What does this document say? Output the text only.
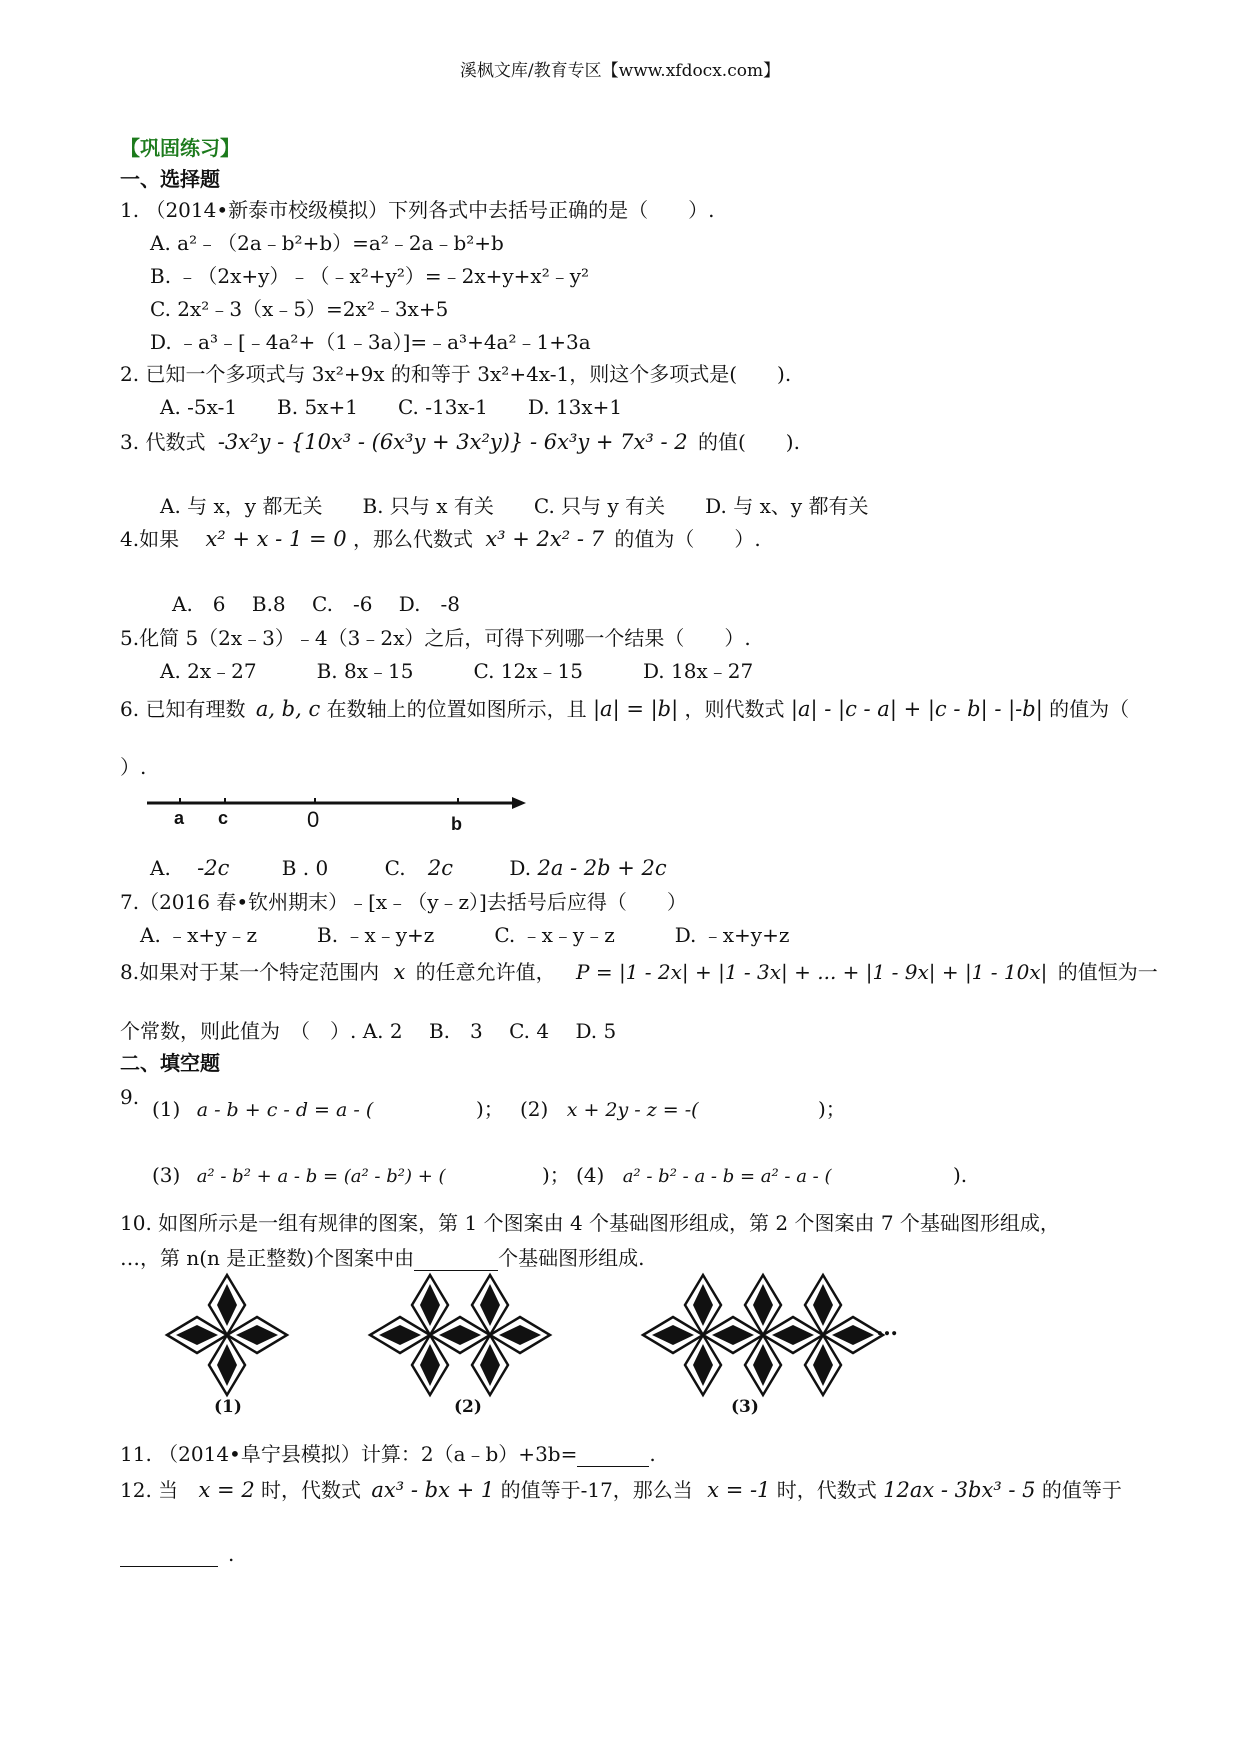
溪枫文库/教育专区【www.xfdocx.com】
【巩固练习】
一、选择题
1. （2014•新泰市校级模拟）下列各式中去括号正确的是（　　）.
A. a²﹣（2a﹣b²+b）=a²﹣2a﹣b²+b
B. ﹣（2x+y）﹣（﹣x²+y²）=﹣2x+y+x²﹣y²
C. 2x²﹣3（x﹣5）=2x²﹣3x+5
D. ﹣a³﹣[﹣4a²+（1﹣3a）]=﹣a³+4a²﹣1+3a
2. 已知一个多项式与 3x²+9x 的和等于 3x²+4x-1，则这个多项式是(　　).
A. -5x-1　　B. 5x+1　　C. -13x-1　　D. 13x+1
3. 代数式 -3x²y - {10x³ - (6x³y + 3x²y)} - 6x³y + 7x³ - 2 的值(　　).
A. 与 x，y 都无关　　B. 只与 x 有关　　C. 只与 y 有关　　D. 与 x、y 都有关
4.如果 x² + x - 1 = 0 ，那么代数式 x³ + 2x² - 7 的值为（　　）.
A.　6　 B.8　 C.　-6　 D.　-8
5.化简 5（2x﹣3）﹣4（3﹣2x）之后，可得下列哪一个结果（　　）.
A. 2x﹣27　　　B. 8x﹣15　　　C. 12x﹣15　　　D. 18x﹣27
6. 已知有理数 a, b, c 在数轴上的位置如图所示，且 |a| = |b| ，则代数式 |a| - |c - a| + |c - b| - |-b| 的值为（
）.
a c	0	b
A. -2c	B . 0	C. 2c	D. 2a - 2b + 2c
7.（2016 春•钦州期末）﹣[x﹣（y﹣z）]去括号后应得（　　）
A. ﹣x+y﹣z　　　B. ﹣x﹣y+z　　　C. ﹣x﹣y﹣z　　　D. ﹣x+y+z
8.如果对于某一个特定范围内 x 的任意允许值， P = |1 - 2x| + |1 - 3x| + ... + |1 - 9x| + |1 - 10x| 的值恒为一
个常数，则此值为　（　）. A. 2　 B.　3　 C. 4　 D. 5
二、填空题
9. (1) a - b + c - d = a - (	)； (2) x + 2y - z = -(	)；
(3) a² - b² + a - b = (a² - b²) + (	)； (4) a² - b² - a - b = a² - a - (	).
10. 如图所示是一组有规律的图案，第 1 个图案由 4 个基础图形组成，第 2 个图案由 7 个基础图形组成，
…，第 n(n 是正整数)个图案中由	个基础图形组成.
…
(1)	(2)	(3)
11. （2014•阜宁县模拟）计算：2（a﹣b）+3b=	.
12. 当 x = 2 时，代数式 ax³ - bx + 1 的值等于-17，那么当 x = -1 时，代数式 12ax - 3bx³ - 5 的值等于
.
